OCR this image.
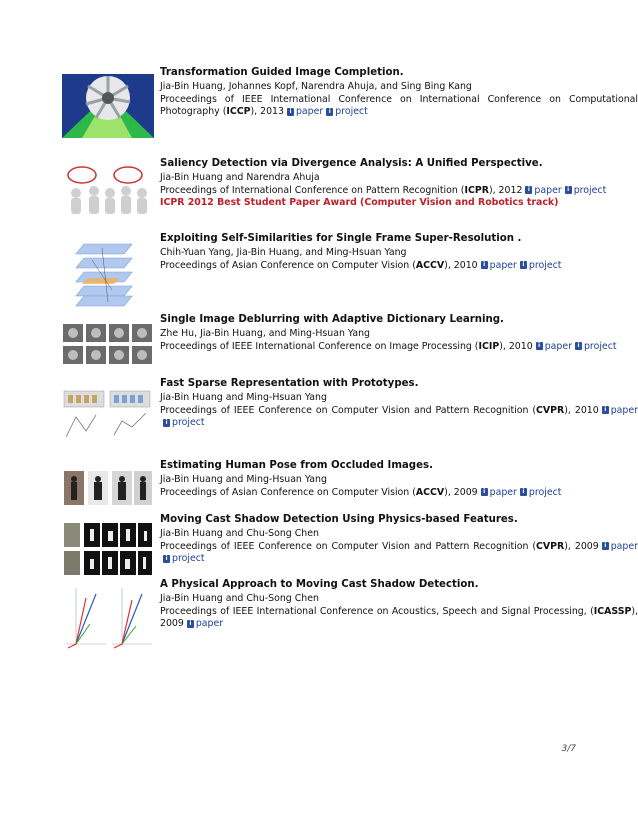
Transformation Guided Image Completion.
Jia-Bin Huang, Johannes Kopf, Narendra Ahuja, and Sing Bing Kang
Proceedings of IEEE International Conference on International Conference on Computational Photography (ICCP), 2013 i paper i project
Saliency Detection via Divergence Analysis: A Unified Perspective.
Jia-Bin Huang and Narendra Ahuja
Proceedings of International Conference on Pattern Recognition (ICPR), 2012 i paper i project
ICPR 2012 Best Student Paper Award (Computer Vision and Robotics track)
Exploiting Self-Similarities for Single Frame Super-Resolution .
Chih-Yuan Yang, Jia-Bin Huang, and Ming-Hsuan Yang
Proceedings of Asian Conference on Computer Vision (ACCV), 2010 i paper i project
Single Image Deblurring with Adaptive Dictionary Learning.
Zhe Hu, Jia-Bin Huang, and Ming-Hsuan Yang
Proceedings of IEEE International Conference on Image Processing (ICIP), 2010 i paper i project
Fast Sparse Representation with Prototypes.
Jia-Bin Huang and Ming-Hsuan Yang
Proceedings of IEEE Conference on Computer Vision and Pattern Recognition (CVPR), 2010 i paperi project
Estimating Human Pose from Occluded Images.
Jia-Bin Huang and Ming-Hsuan Yang
Proceedings of Asian Conference on Computer Vision (ACCV), 2009 i paper i project
Moving Cast Shadow Detection Using Physics-based Features.
Jia-Bin Huang and Chu-Song Chen
Proceedings of IEEE Conference on Computer Vision and Pattern Recognition (CVPR), 2009 i paperi project
A Physical Approach to Moving Cast Shadow Detection.
Jia-Bin Huang and Chu-Song Chen
Proceedings of IEEE International Conference on Acoustics, Speech and Signal Processing, (ICASSP), 2009 i paper
3/7
